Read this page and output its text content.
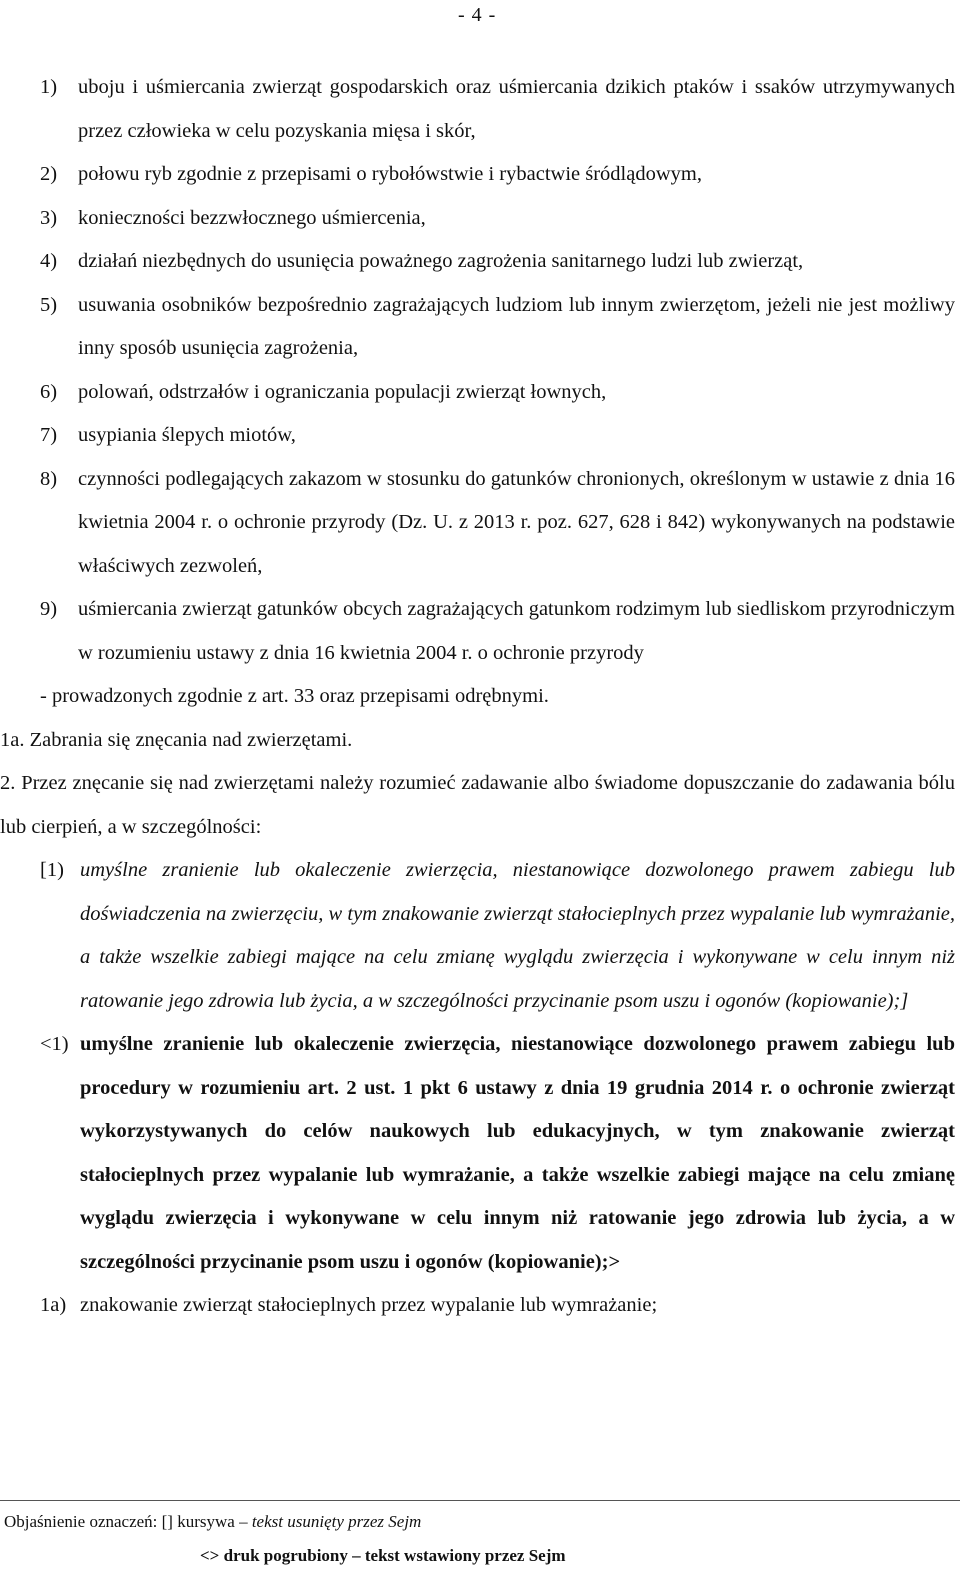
- 4 -
1)	uboju i uśmiercania zwierząt gospodarskich oraz uśmiercania dzikich ptaków i ssaków utrzymywanych przez człowieka w celu pozyskania mięsa i skór,
2)	połowu ryb zgodnie z przepisami o rybołówstwie i rybactwie śródlądowym,
3)	konieczności bezzwłocznego uśmiercenia,
4)	działań niezbędnych do usunięcia poważnego zagrożenia sanitarnego ludzi lub zwierząt,
5)	usuwania osobników bezpośrednio zagrażających ludziom lub innym zwierzętom, jeżeli nie jest możliwy inny sposób usunięcia zagrożenia,
6)	polowań, odstrzałów i ograniczania populacji zwierząt łownych,
7)	usypiania ślepych miotów,
8)	czynności podlegających zakazom w stosunku do gatunków chronionych, określonym w ustawie z dnia 16 kwietnia 2004 r. o ochronie przyrody (Dz. U. z 2013 r. poz. 627, 628 i 842) wykonywanych na podstawie właściwych zezwoleń,
9)	uśmiercania zwierząt gatunków obcych zagrażających gatunkom rodzimym lub siedliskom przyrodniczym w rozumieniu ustawy z dnia 16 kwietnia 2004 r. o ochronie przyrody
- prowadzonych zgodnie z art. 33 oraz przepisami odrębnymi.
1a. Zabrania się znęcania nad zwierzętami.
2. Przez znęcanie się nad zwierzętami należy rozumieć zadawanie albo świadome dopuszczanie do zadawania bólu lub cierpień, a w szczególności:
[1) umyślne zranienie lub okaleczenie zwierzęcia, niestanowiące dozwolonego prawem zabiegu lub doświadczenia na zwierzęciu, w tym znakowanie zwierząt stałocieplnych przez wypalanie lub wymrażanie, a także wszelkie zabiegi mające na celu zmianę wyglądu zwierzęcia i wykonywane w celu innym niż ratowanie jego zdrowia lub życia, a w szczególności przycinanie psom uszu i ogonów (kopiowanie);]
<1) umyślne zranienie lub okaleczenie zwierzęcia, niestanowiące dozwolonego prawem zabiegu lub procedury w rozumieniu art. 2 ust. 1 pkt 6 ustawy z dnia 19 grudnia 2014 r. o ochronie zwierząt wykorzystywanych do celów naukowych lub edukacyjnych, w tym znakowanie zwierząt stałocieplnych przez wypalanie lub wymrażanie, a także wszelkie zabiegi mające na celu zmianę wyglądu zwierzęcia i wykonywane w celu innym niż ratowanie jego zdrowia lub życia, a w szczególności przycinanie psom uszu i ogonów (kopiowanie);>
1a) znakowanie zwierząt stałocieplnych przez wypalanie lub wymrażanie;
Objaśnienie oznaczeń: [] kursywa – tekst usunięty przez Sejm
<> druk pogrubiony – tekst wstawiony przez Sejm
